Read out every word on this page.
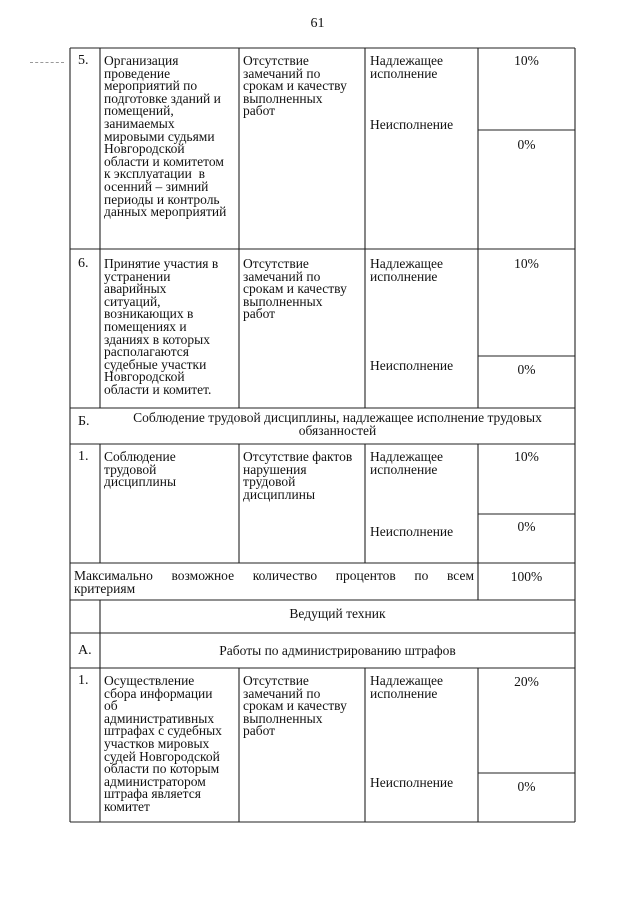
61
5. Организация
проведение
мероприятий по
подготовке зданий и
помещений,
занимаемых
мировыми судьями
Новгородской
области и комитетом
к эксплуатации  в
осенний – зимний
периоды и контроль
данных мероприятий
Отсутствие
замечаний по
срокам и качеству
выполненных
работ
Надлежащее
исполнение
Неисполнение
10%
0%
6. Принятие участия в
устранении
аварийных
ситуаций,
возникающих в
помещениях и
зданиях в которых
располагаются
судебные участки
Новгородской
области и комитет.
Отсутствие
замечаний по
срокам и качеству
выполненных
работ
Надлежащее
исполнение
Неисполнение
10%
0%
Б.	Соблюдение трудовой дисциплины, надлежащее исполнение трудовых
обязанностей
1. Соблюдение
трудовой
дисциплины
Отсутствие фактов
нарушения
трудовой
дисциплины
Надлежащее
исполнение
Неисполнение
10%
0%
Максимально возможное количество процентов по всем
критериям
100%
Ведущий техник
А.	Работы по администрированию штрафов
1. Осуществление
сбора информации
об
административных
штрафах с судебных
участков мировых
судей Новгородской
области по которым
администратором
штрафа является
комитет
Отсутствие
замечаний по
срокам и качеству
выполненных
работ
Надлежащее
исполнение
Неисполнение
20%
0%
